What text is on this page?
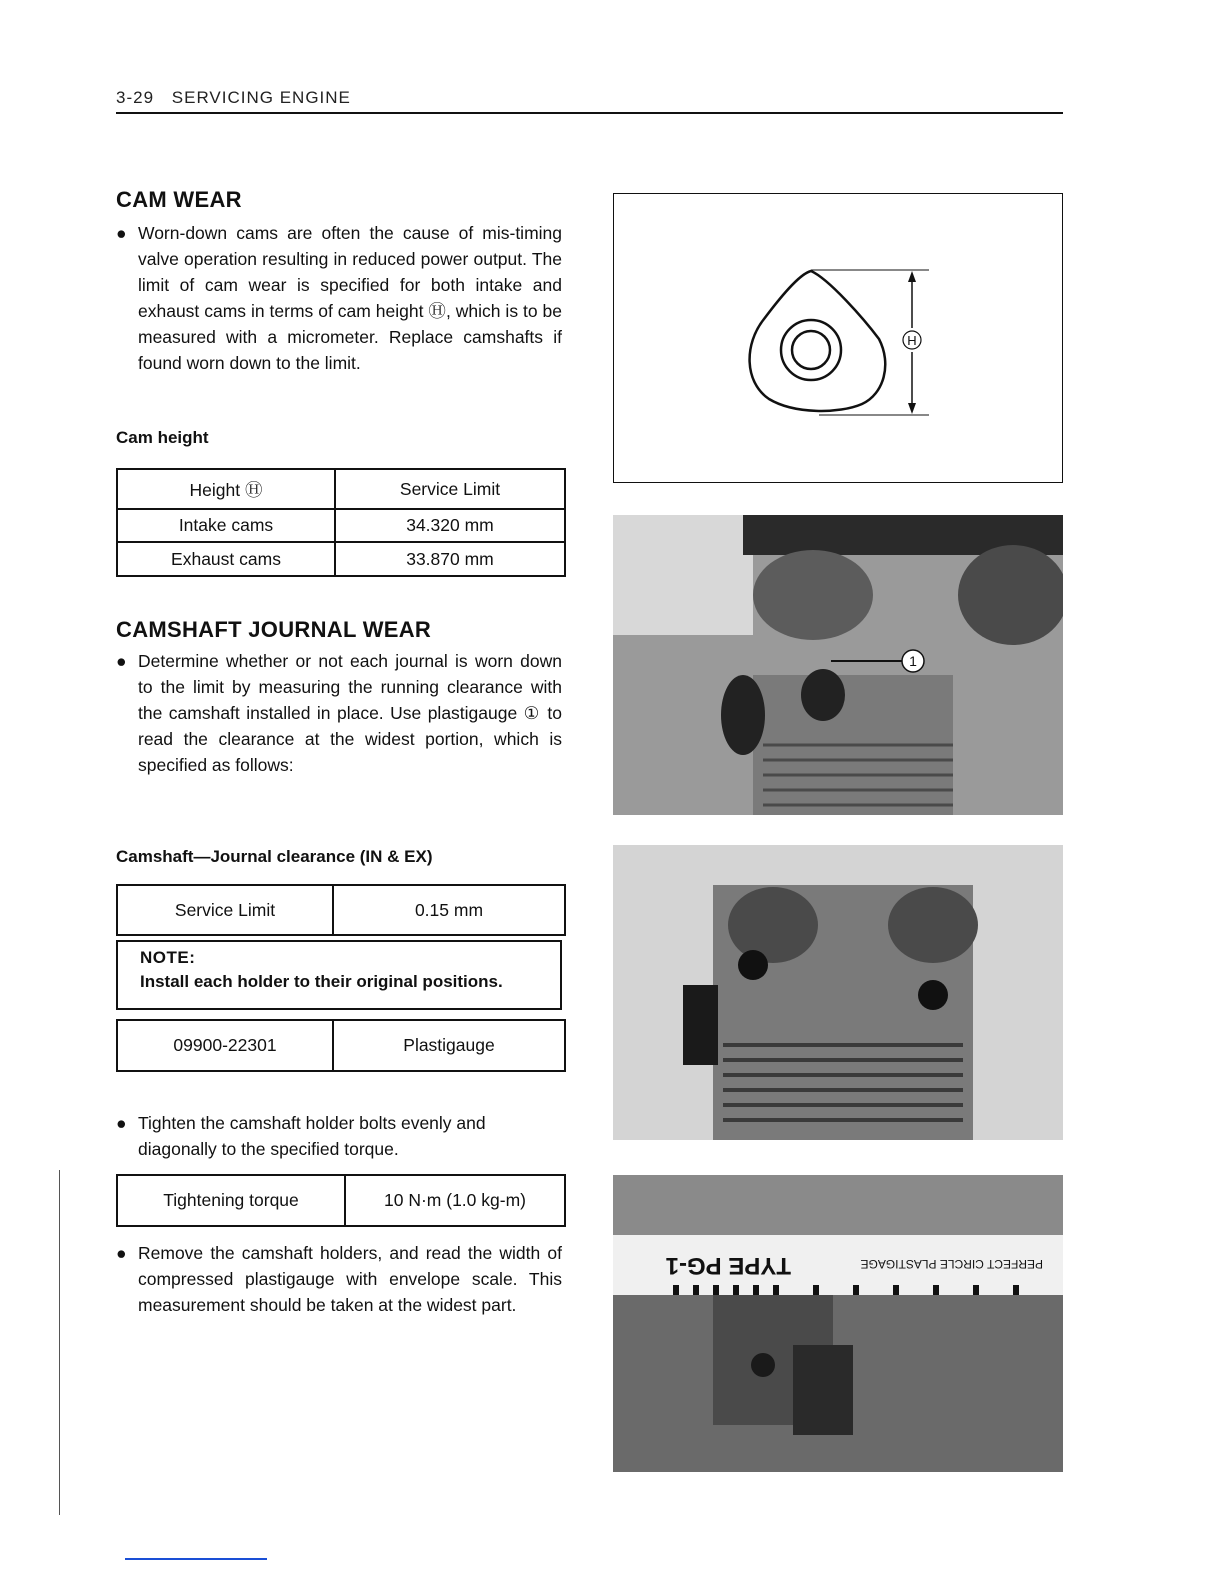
3-29 SERVICING ENGINE
CAM WEAR
● Worn-down cams are often the cause of mis-timing valve operation resulting in reduced power output. The limit of cam wear is specified for both intake and exhaust cams in terms of cam height Ⓗ, which is to be measured with a micrometer. Replace camshafts if found worn down to the limit.
Cam height
Height Ⓗ	Service Limit
Intake cams	34.320 mm
Exhaust cams	33.870 mm
CAMSHAFT JOURNAL WEAR
● Determine whether or not each journal is worn down to the limit by measuring the running clearance with the camshaft installed in place. Use plastigauge ① to read the clearance at the widest portion, which is specified as follows:
Camshaft—Journal clearance (IN & EX)
Service Limit	0.15 mm
NOTE:
Install each holder to their original positions.
09900-22301	Plastigauge
● Tighten the camshaft holder bolts evenly and diagonally to the specified torque.
Tightening torque	10 N·m (1.0 kg-m)
● Remove the camshaft holders, and read the width of compressed plastigauge with envelope scale. This measurement should be taken at the widest part.
H
1
TYPE PG-1	PERFECT CIRCLE PLASTIGAGE
